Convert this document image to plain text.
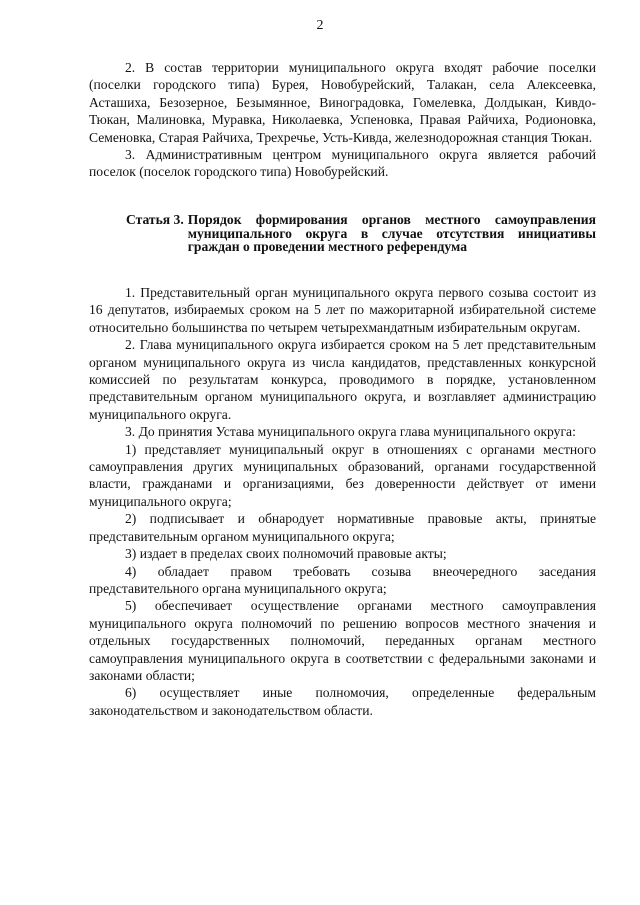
2

2. В состав территории муниципального округа входят рабочие поселки (поселки городского типа) Бурея, Новобурейский, Талакан, села Алексеевка, Асташиха, Безозерное, Безымянное, Виноградовка, Гомелевка, Долдыкан, Кивдо-Тюкан, Малиновка, Муравка, Николаевка, Успеновка, Правая Райчиха, Родионовка, Семеновка, Старая Райчиха, Трехречье, Усть-Кивда, железнодорожная станция Тюкан.

3. Административным центром муниципального округа является рабочий поселок (поселок городского типа) Новобурейский.

Статья 3. Порядок формирования органов местного самоуправления муниципального округа в случае отсутствия инициативы граждан о проведении местного референдума

1. Представительный орган муниципального округа первого созыва состоит из 16 депутатов, избираемых сроком на 5 лет по мажоритарной избирательной системе относительно большинства по четырем четырехмандатным избирательным округам.

2. Глава муниципального округа избирается сроком на 5 лет представительным органом муниципального округа из числа кандидатов, представленных конкурсной комиссией по результатам конкурса, проводимого в порядке, установленном представительным органом муниципального округа, и возглавляет администрацию муниципального округа.

3. До принятия Устава муниципального округа глава муниципального округа:

1) представляет муниципальный округ в отношениях с органами местного самоуправления других муниципальных образований, органами государственной власти, гражданами и организациями, без доверенности действует от имени муниципального округа;

2) подписывает и обнародует нормативные правовые акты, принятые представительным органом муниципального округа;

3) издает в пределах своих полномочий правовые акты;

4) обладает правом требовать созыва внеочередного заседания представительного органа муниципального округа;

5) обеспечивает осуществление органами местного самоуправления муниципального округа полномочий по решению вопросов местного значения и отдельных государственных полномочий, переданных органам местного самоуправления муниципального округа в соответствии с федеральными законами и законами области;

6) осуществляет иные полномочия, определенные федеральным законодательством и законодательством области.
